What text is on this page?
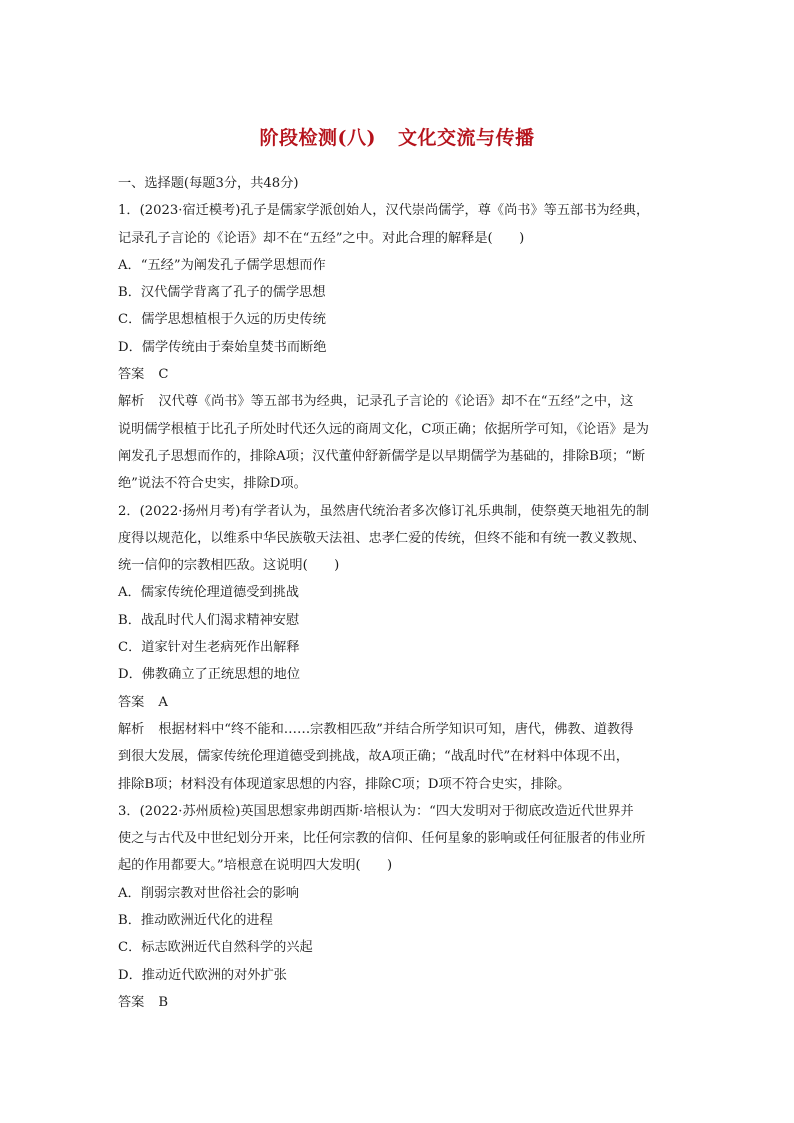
阶段检测(八) 文化交流与传播

一、选择题(每题3分，共48分)

1．(2023·宿迁模考)孔子是儒家学派创始人，汉代崇尚儒学，尊《尚书》等五部书为经典，

记录孔子言论的《论语》却不在“五经”之中。对此合理的解释是(　　)

A．“五经”为阐发孔子儒学思想而作

B．汉代儒学背离了孔子的儒学思想

C．儒学思想植根于久远的历史传统

D．儒学传统由于秦始皇焚书而断绝

答案 C

解析 汉代尊《尚书》等五部书为经典，记录孔子言论的《论语》却不在“五经”之中，这

说明儒学根植于比孔子所处时代还久远的商周文化，C项正确；依据所学可知，《论语》是为

阐发孔子思想而作的，排除A项；汉代董仲舒新儒学是以早期儒学为基础的，排除B项；“断

绝”说法不符合史实，排除D项。

2．(2022·扬州月考)有学者认为，虽然唐代统治者多次修订礼乐典制，使祭奠天地祖先的制

度得以规范化，以维系中华民族敬天法祖、忠孝仁爱的传统，但终不能和有统一教义教规、

统一信仰的宗教相匹敌。这说明(　　)

A．儒家传统伦理道德受到挑战

B．战乱时代人们渴求精神安慰

C．道家针对生老病死作出解释

D．佛教确立了正统思想的地位

答案 A

解析 根据材料中“终不能和……宗教相匹敌”并结合所学知识可知，唐代，佛教、道教得

到很大发展，儒家传统伦理道德受到挑战，故A项正确；“战乱时代”在材料中体现不出，

排除B项；材料没有体现道家思想的内容，排除C项；D项不符合史实，排除。

3．(2022·苏州质检)英国思想家弗朗西斯·培根认为：“四大发明对于彻底改造近代世界并

使之与古代及中世纪划分开来，比任何宗教的信仰、任何星象的影响或任何征服者的伟业所

起的作用都要大。”培根意在说明四大发明(　　)

A．削弱宗教对世俗社会的影响

B．推动欧洲近代化的进程

C．标志欧洲近代自然科学的兴起

D．推动近代欧洲的对外扩张

答案 B
